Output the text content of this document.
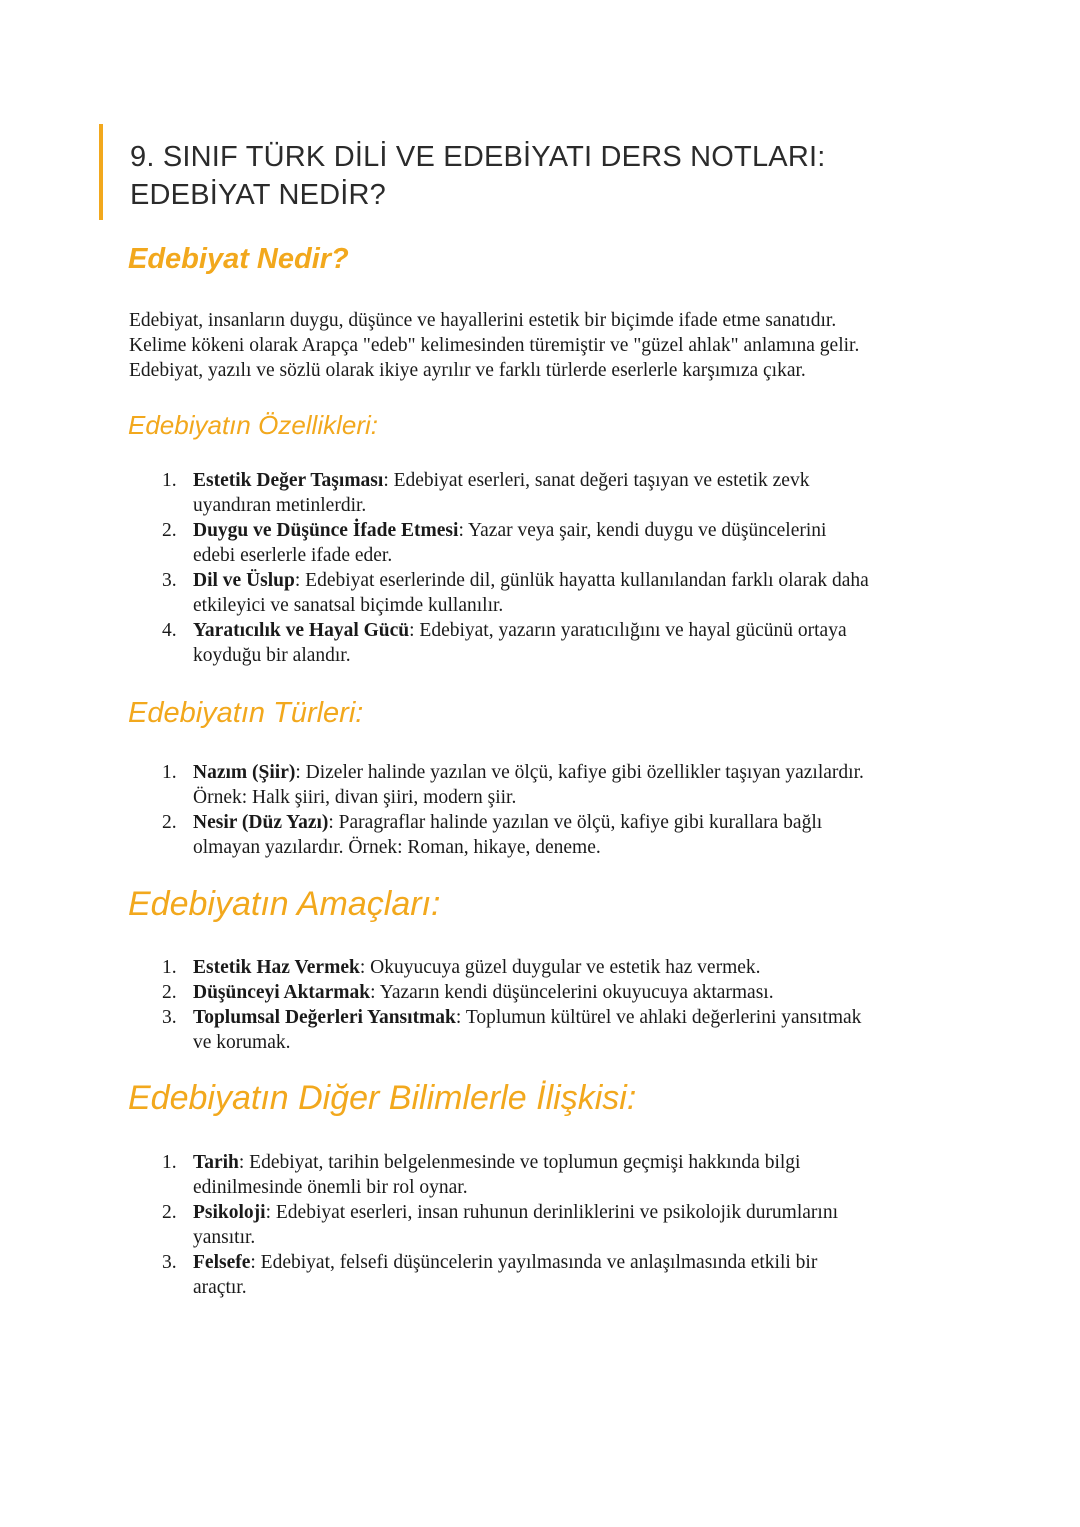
9. SINIF TÜRK DİLİ VE EDEBİYATI DERS NOTLARI:
EDEBİYAT NEDİR?
Edebiyat Nedir?
Edebiyat, insanların duygu, düşünce ve hayallerini estetik bir biçimde ifade etme sanatıdır.
Kelime kökeni olarak Arapça "edeb" kelimesinden türemiştir ve "güzel ahlak" anlamına gelir.
Edebiyat, yazılı ve sözlü olarak ikiye ayrılır ve farklı türlerde eserlerle karşımıza çıkar.
Edebiyatın Özellikleri:
1. Estetik Değer Taşıması: Edebiyat eserleri, sanat değeri taşıyan ve estetik zevk
uyandıran metinlerdir.
2. Duygu ve Düşünce İfade Etmesi: Yazar veya şair, kendi duygu ve düşüncelerini
edebi eserlerle ifade eder.
3. Dil ve Üslup: Edebiyat eserlerinde dil, günlük hayatta kullanılandan farklı olarak daha
etkileyici ve sanatsal biçimde kullanılır.
4. Yaratıcılık ve Hayal Gücü: Edebiyat, yazarın yaratıcılığını ve hayal gücünü ortaya
koyduğu bir alandır.
Edebiyatın Türleri:
1. Nazım (Şiir): Dizeler halinde yazılan ve ölçü, kafiye gibi özellikler taşıyan yazılardır.
Örnek: Halk şiiri, divan şiiri, modern şiir.
2. Nesir (Düz Yazı): Paragraflar halinde yazılan ve ölçü, kafiye gibi kurallara bağlı
olmayan yazılardır. Örnek: Roman, hikaye, deneme.
Edebiyatın Amaçları:
1. Estetik Haz Vermek: Okuyucuya güzel duygular ve estetik haz vermek.
2. Düşünceyi Aktarmak: Yazarın kendi düşüncelerini okuyucuya aktarması.
3. Toplumsal Değerleri Yansıtmak: Toplumun kültürel ve ahlaki değerlerini yansıtmak
ve korumak.
Edebiyatın Diğer Bilimlerle İlişkisi:
1. Tarih: Edebiyat, tarihin belgelenmesinde ve toplumun geçmişi hakkında bilgi
edinilmesinde önemli bir rol oynar.
2. Psikoloji: Edebiyat eserleri, insan ruhunun derinliklerini ve psikolojik durumlarını
yansıtır.
3. Felsefe: Edebiyat, felsefi düşüncelerin yayılmasında ve anlaşılmasında etkili bir
araçtır.
